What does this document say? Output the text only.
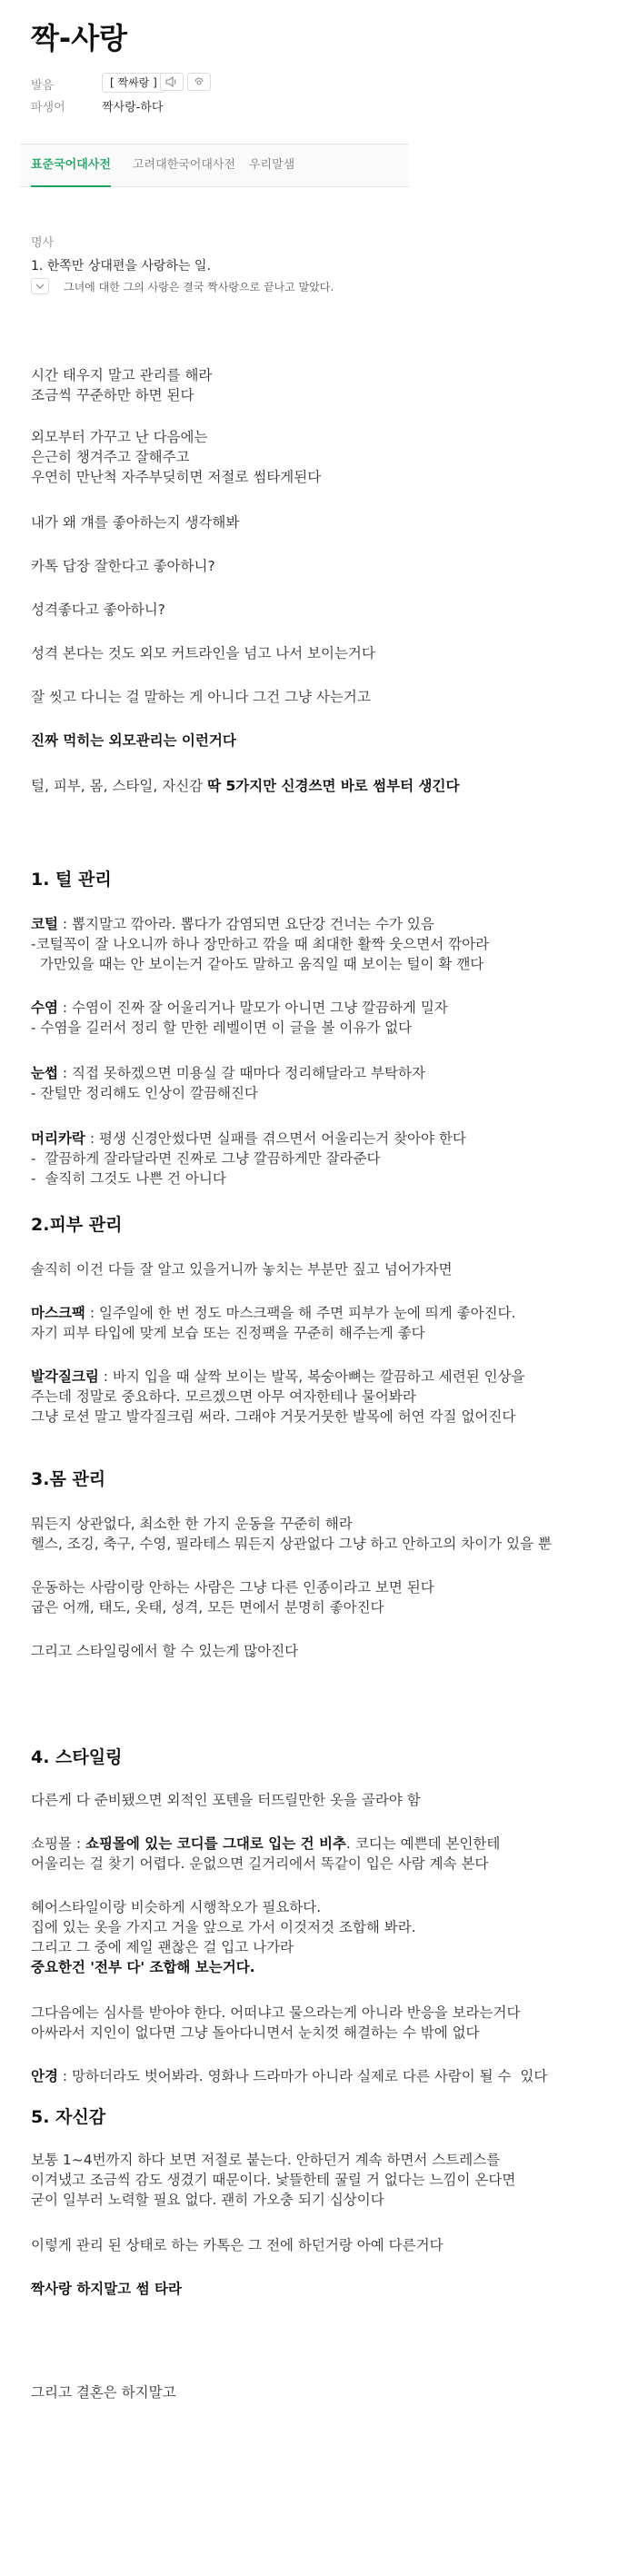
짝-사랑
발음	[ 짝싸랑 ]
파생어	짝사랑-하다
표준국어대사전 고려대한국어대사전 우리말샘
명사
1. 한쪽만 상대편을 사랑하는 일.
그녀에 대한 그의 사랑은 결국 짝사랑으로 끝나고 말았다.

시간 태우지 말고 관리를 해라

조금씩 꾸준하만 하면 된다

외모부터 가꾸고 난 다음에는

은근히 챙겨주고 잘해주고

우연히 만난척 자주부딪히면 저절로 썸타게된다

내가 왜 걔를 좋아하는지 생각해봐

카톡 답장 잘한다고 좋아하니?

성격좋다고 좋아하니?

성격 본다는 것도 외모 커트라인을 넘고 나서 보이는거다

잘 씻고 다니는 걸 말하는 게 아니다 그건 그냥 사는거고

진짜 먹히는 외모관리는 이런거다

털, 피부, 몸, 스타일, 자신감 딱 5가지만 신경쓰면 바로 썸부터 생긴다

1. 털 관리

코털 : 뽑지말고 깎아라. 뽑다가 감염되면 요단강 건너는 수가 있음

-코털꼭이 잘 나오니까 하나 장만하고 깎을 때 최대한 활짝 웃으면서 깎아라

가만있을 때는 안 보이는거 같아도 말하고 움직일 때 보이는 털이 확 깬다

수염 : 수염이 진짜 잘 어울리거나 말모가 아니면 그냥 깔끔하게 밀자

- 수염을 길러서 정리 할 만한 레벨이면 이 글을 볼 이유가 없다

눈썹 : 직접 못하겠으면 미용실 갈 때마다 정리해달라고 부탁하자

- 잔털만 정리해도 인상이 깔끔해진다

머리카락 : 평생 신경안썼다면 실패를 겪으면서 어울리는거 찾아야 한다

-  깔끔하게 잘라달라면 진짜로 그냥 깔끔하게만 잘라준다

-  솔직히 그것도 나쁜 건 아니다

2.피부 관리

솔직히 이건 다들 잘 알고 있을거니까 놓치는 부분만 짚고 넘어가자면

마스크팩 : 일주일에 한 번 정도 마스크팩을 해 주면 피부가 눈에 띄게 좋아진다.

자기 피부 타입에 맞게 보습 또는 진정팩을 꾸준히 해주는게 좋다

발각질크림 : 바지 입을 때 살짝 보이는 발목, 복숭아뼈는 깔끔하고 세련된 인상을

주는데 정말로 중요하다. 모르겠으면 아무 여자한테나 물어봐라

그냥 로션 말고 발각질크림 써라. 그래야 거뭇거뭇한 발목에 허연 각질 없어진다

3.몸 관리

뭐든지 상관없다, 최소한 한 가지 운동을 꾸준히 해라

헬스, 조깅, 축구, 수영, 필라테스 뭐든지 상관없다 그냥 하고 안하고의 차이가 있을 뿐

운동하는 사람이랑 안하는 사람은 그냥 다른 인종이라고 보면 된다

굽은 어깨, 태도, 옷태, 성격, 모든 면에서 분명히 좋아진다

그리고 스타일링에서 할 수 있는게 많아진다

4. 스타일링

다른게 다 준비됐으면 외적인 포텐을 터뜨릴만한 옷을 골라야 함

쇼핑몰 : 쇼핑몰에 있는 코디를 그대로 입는 건 비추. 코디는 예쁜데 본인한테

어울리는 걸 찾기 어렵다. 운없으면 길거리에서 똑같이 입은 사람 계속 본다

헤어스타일이랑 비슷하게 시행착오가 필요하다.

집에 있는 옷을 가지고 거울 앞으로 가서 이것저것 조합해 봐라.

그리고 그 중에 제일 괜찮은 걸 입고 나가라

중요한건 '전부 다' 조합해 보는거다.

그다음에는 심사를 받아야 한다. 어떠냐고 물으라는게 아니라 반응을 보라는거다

아싸라서 지인이 없다면 그냥 돌아다니면서 눈치껏 해결하는 수 밖에 없다

안경 : 망하더라도 벗어봐라. 영화나 드라마가 아니라 실제로 다른 사람이 될 수  있다

5. 자신감

보통 1~4번까지 하다 보면 저절로 붙는다. 안하던거 계속 하면서 스트레스를

이겨냈고 조금씩 감도 생겼기 때문이다. 낯뜰한테 꿀릴 거 없다는 느낌이 온다면

굳이 일부러 노력할 필요 없다. 괜히 가오충 되기 십상이다

이렇게 관리 된 상태로 하는 카톡은 그 전에 하던거랑 아예 다른거다

짝사랑 하지말고 썸 타라

그리고 결혼은 하지말고
